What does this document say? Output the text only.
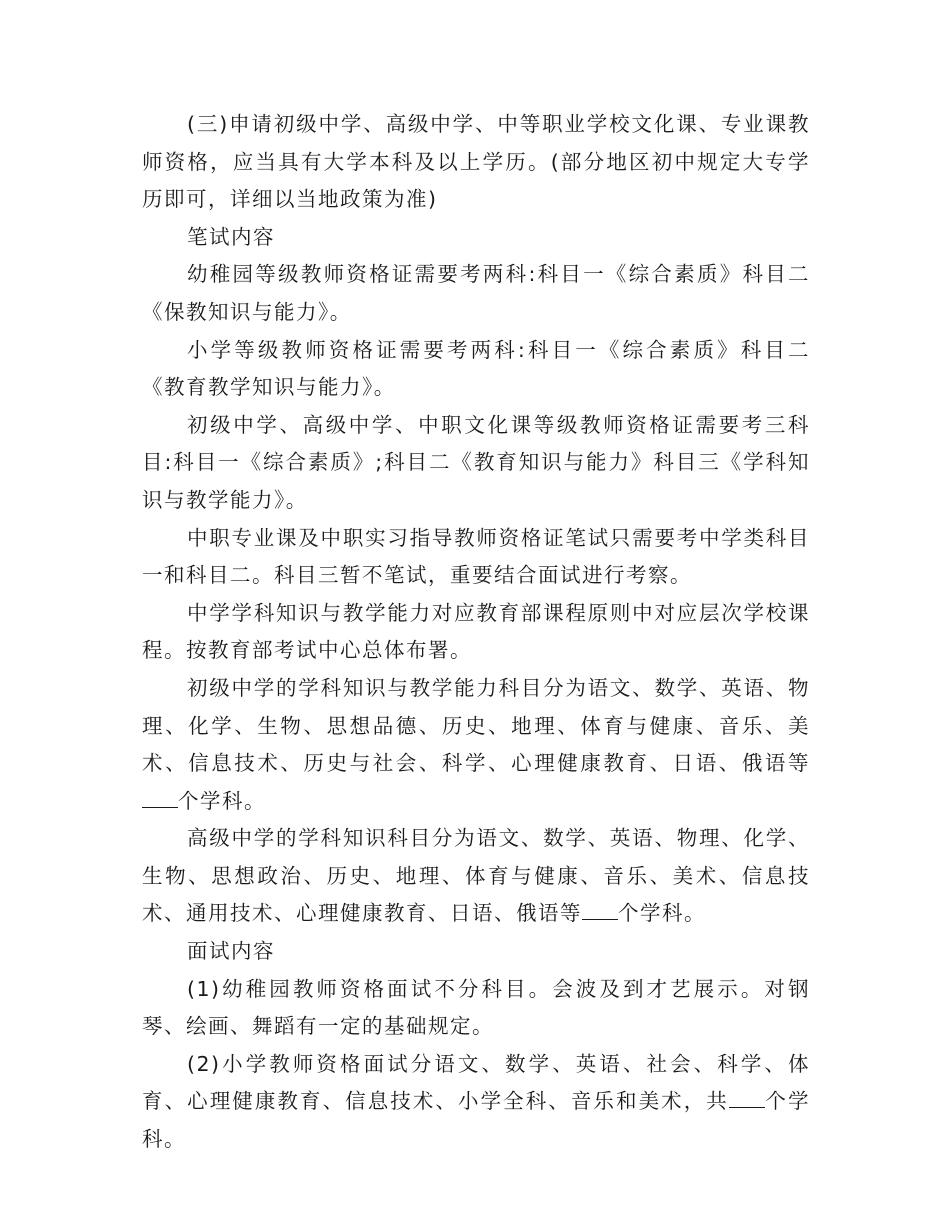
(三)申请初级中学、高级中学、中等职业学校文化课、专业课教师资格，应当具有大学本科及以上学历。(部分地区初中规定大专学历即可，详细以当地政策为准)

笔试内容

幼稚园等级教师资格证需要考两科:科目一《综合素质》科目二《保教知识与能力》。

小学等级教师资格证需要考两科:科目一《综合素质》科目二《教育教学知识与能力》。

初级中学、高级中学、中职文化课等级教师资格证需要考三科目:科目一《综合素质》;科目二《教育知识与能力》科目三《学科知识与教学能力》。

中职专业课及中职实习指导教师资格证笔试只需要考中学类科目一和科目二。科目三暂不笔试，重要结合面试进行考察。

中学学科知识与教学能力对应教育部课程原则中对应层次学校课程。按教育部考试中心总体布署。

初级中学的学科知识与教学能力科目分为语文、数学、英语、物理、化学、生物、思想品德、历史、地理、体育与健康、音乐、美术、信息技术、历史与社会、科学、心理健康教育、日语、俄语等个学科。

高级中学的学科知识科目分为语文、数学、英语、物理、化学、生物、思想政治、历史、地理、体育与健康、音乐、美术、信息技术、通用技术、心理健康教育、日语、俄语等 个学科。

面试内容

(1)幼稚园教师资格面试不分科目。会波及到才艺展示。对钢琴、绘画、舞蹈有一定的基础规定。

(2)小学教师资格面试分语文、数学、英语、社会、科学、体育、心理健康教育、信息技术、小学全科、音乐和美术，共 个学科。
